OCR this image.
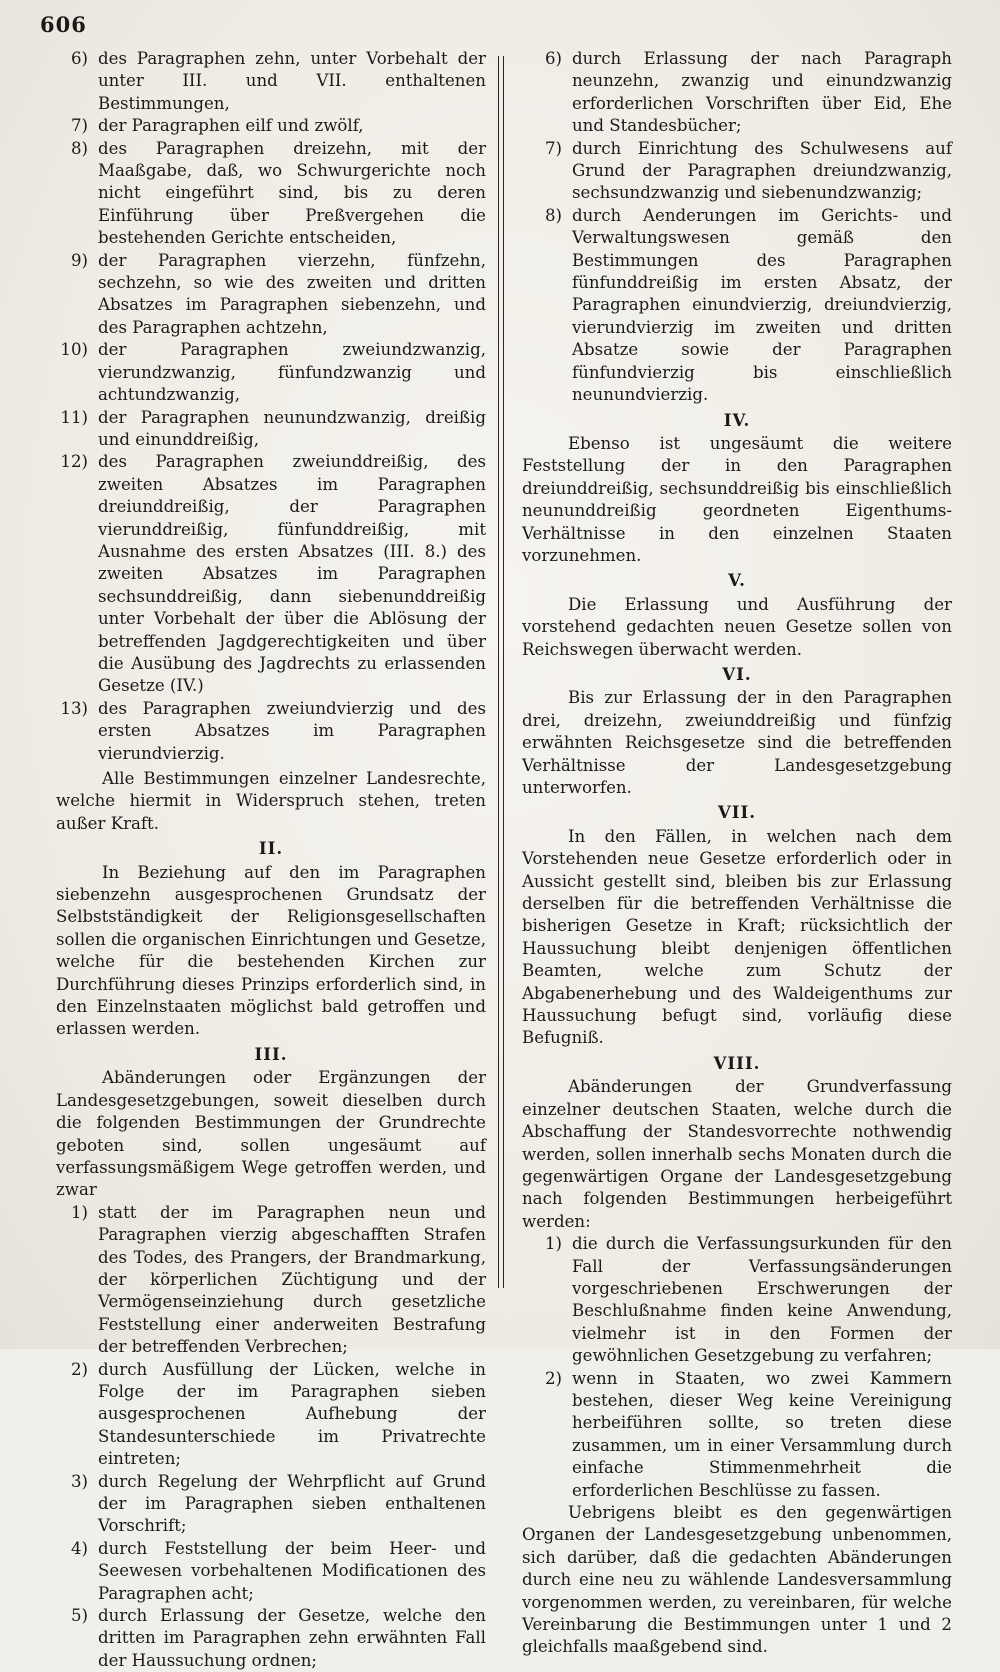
606
6) des Paragraphen zehn, unter Vorbehalt der unter III. und VII. enthaltenen Bestimmungen,
7) der Paragraphen eilf und zwölf,
8) des Paragraphen dreizehn, mit der Maaßgabe, daß, wo Schwurgerichte noch nicht eingeführt sind, bis zu deren Einführung über Preßvergehen die bestehenden Gerichte entscheiden,
9) der Paragraphen vierzehn, fünfzehn, sechzehn, so wie des zweiten und dritten Absatzes im Paragraphen siebenzehn, und des Paragraphen achtzehn,
10) der Paragraphen zweiundzwanzig, vierundzwanzig, fünfundzwanzig und achtundzwanzig,
11) der Paragraphen neunundzwanzig, dreißig und einunddreißig,
12) des Paragraphen zweiunddreißig, des zweiten Absatzes im Paragraphen dreiunddreißig, der Paragraphen vierunddreißig, fünfunddreißig, mit Ausnahme des ersten Absatzes (III. 8.) des zweiten Absatzes im Paragraphen sechsunddreißig, dann siebenunddreißig unter Vorbehalt der über die Ablösung der betreffenden Jagdgerechtigkeiten und über die Ausübung des Jagdrechts zu erlassenden Gesetze (IV.)
13) des Paragraphen zweiundvierzig und des ersten Absatzes im Paragraphen vierundvierzig.

Alle Bestimmungen einzelner Landesrechte, welche hiermit in Widerspruch stehen, treten außer Kraft.

II.

In Beziehung auf den im Paragraphen siebenzehn ausgesprochenen Grundsatz der Selbstständigkeit der Religionsgesellschaften sollen die organischen Einrichtungen und Gesetze, welche für die bestehenden Kirchen zur Durchführung dieses Prinzips erforderlich sind, in den Einzelnstaaten möglichst bald getroffen und erlassen werden.

III.

Abänderungen oder Ergänzungen der Landesgesetzgebungen, soweit dieselben durch die folgenden Bestimmungen der Grundrechte geboten sind, sollen ungesäumt auf verfassungsmäßigem Wege getroffen werden, und zwar

1) statt der im Paragraphen neun und Paragraphen vierzig abgeschafften Strafen des Todes, des Prangers, der Brandmarkung, der körperlichen Züchtigung und der Vermögenseinziehung durch gesetzliche Feststellung einer anderweiten Bestrafung der betreffenden Verbrechen;
2) durch Ausfüllung der Lücken, welche in Folge der im Paragraphen sieben ausgesprochenen Aufhebung der Standesunterschiede im Privatrechte eintreten;
3) durch Regelung der Wehrpflicht auf Grund der im Paragraphen sieben enthaltenen Vorschrift;
4) durch Feststellung der beim Heer- und Seewesen vorbehaltenen Modificationen des Paragraphen acht;
5) durch Erlassung der Gesetze, welche den dritten im Paragraphen zehn erwähnten Fall der Haussuchung ordnen;
6) durch Erlassung der nach Paragraph neunzehn, zwanzig und einundzwanzig erforderlichen Vorschriften über Eid, Ehe und Standesbücher;
7) durch Einrichtung des Schulwesens auf Grund der Paragraphen dreiundzwanzig, sechsundzwanzig und siebenundzwanzig;
8) durch Aenderungen im Gerichts- und Verwaltungswesen gemäß den Bestimmungen des Paragraphen fünfunddreißig im ersten Absatz, der Paragraphen einundvierzig, dreiundvierzig, vierundvierzig im zweiten und dritten Absatze sowie der Paragraphen fünfundvierzig bis einschließlich neunundvierzig.
IV.

Ebenso ist ungesäumt die weitere Feststellung der in den Paragraphen dreiunddreißig, sechsunddreißig bis einschließlich neununddreißig geordneten Eigenthums-Verhältnisse in den einzelnen Staaten vorzunehmen.

V.

Die Erlassung und Ausführung der vorstehend gedachten neuen Gesetze sollen von Reichswegen überwacht werden.

VI.

Bis zur Erlassung der in den Paragraphen drei, dreizehn, zweiunddreißig und fünfzig erwähnten Reichsgesetze sind die betreffenden Verhältnisse der Landesgesetzgebung unterworfen.

VII.

In den Fällen, in welchen nach dem Vorstehenden neue Gesetze erforderlich oder in Aussicht gestellt sind, bleiben bis zur Erlassung derselben für die betreffenden Verhältnisse die bisherigen Gesetze in Kraft; rücksichtlich der Haussuchung bleibt denjenigen öffentlichen Beamten, welche zum Schutz der Abgabenerhebung und des Waldeigenthums zur Haussuchung befugt sind, vorläufig diese Befugniß.

VIII.

Abänderungen der Grundverfassung einzelner deutschen Staaten, welche durch die Abschaffung der Standesvorrechte nothwendig werden, sollen innerhalb sechs Monaten durch die gegenwärtigen Organe der Landesgesetzgebung nach folgenden Bestimmungen herbeigeführt werden:

1) die durch die Verfassungsurkunden für den Fall der Verfassungsänderungen vorgeschriebenen Erschwerungen der Beschlußnahme finden keine Anwendung, vielmehr ist in den Formen der gewöhnlichen Gesetzgebung zu verfahren;
2) wenn in Staaten, wo zwei Kammern bestehen, dieser Weg keine Vereinigung herbeiführen sollte, so treten diese zusammen, um in einer Versammlung durch einfache Stimmenmehrheit die erforderlichen Beschlüsse zu fassen.

Uebrigens bleibt es den gegenwärtigen Organen der Landesgesetzgebung unbenommen, sich darüber, daß die gedachten Abänderungen durch eine neu zu wählende Landesversammlung vorgenommen werden, zu vereinbaren, für welche Vereinbarung die Bestimmungen unter 1 und 2 gleichfalls maaßgebend sind.
